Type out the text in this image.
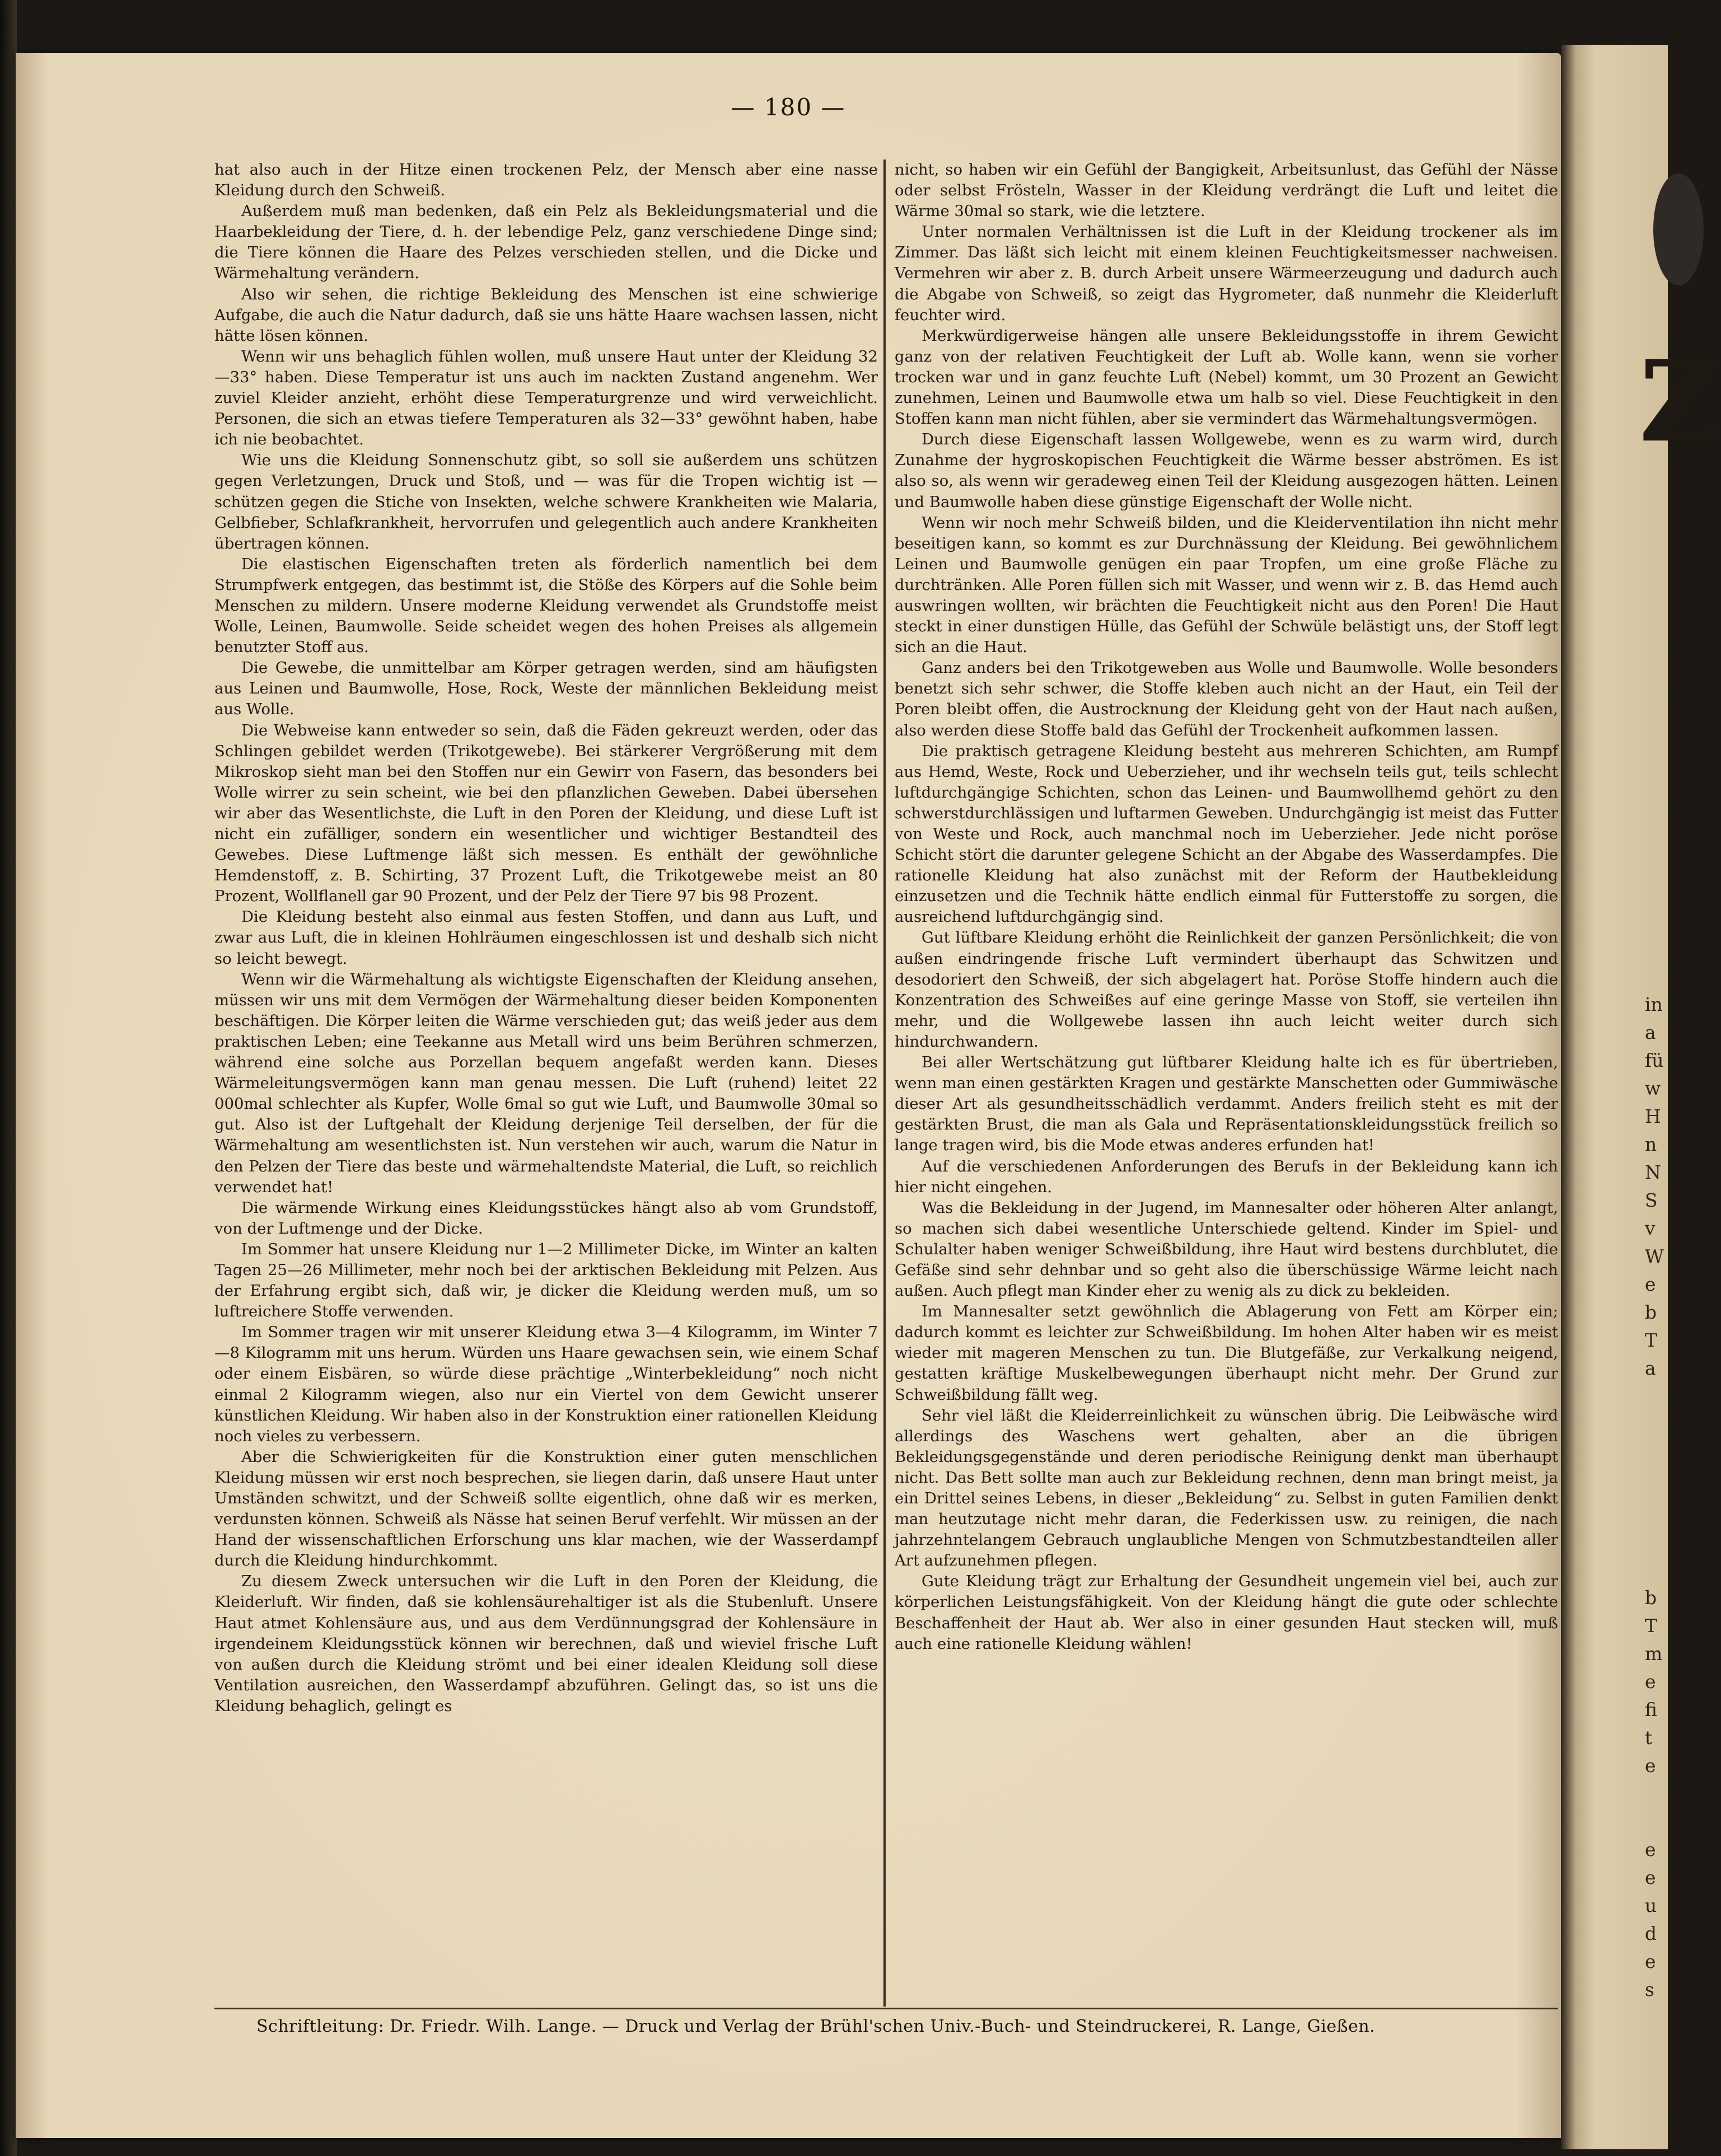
— 180 —

hat also auch in der Hitze einen trockenen Pelz, der Mensch aber eine nasse Kleidung durch den Schweiß.

Außerdem muß man bedenken, daß ein Pelz als Bekleidungsmaterial und die Haarbekleidung der Tiere, d. h. der lebendige Pelz, ganz verschiedene Dinge sind; die Tiere können die Haare des Pelzes verschieden stellen, und die Dicke und Wärmehaltung verändern.

Also wir sehen, die richtige Bekleidung des Menschen ist eine schwierige Aufgabe, die auch die Natur dadurch, daß sie uns hätte Haare wachsen lassen, nicht hätte lösen können.

Wenn wir uns behaglich fühlen wollen, muß unsere Haut unter der Kleidung 32—33° haben. Diese Temperatur ist uns auch im nackten Zustand angenehm. Wer zuviel Kleider anzieht, erhöht diese Temperaturgrenze und wird verweichlicht. Personen, die sich an etwas tiefere Temperaturen als 32—33° gewöhnt haben, habe ich nie beobachtet.

Wie uns die Kleidung Sonnenschutz gibt, so soll sie außerdem uns schützen gegen Verletzungen, Druck und Stoß, und — was für die Tropen wichtig ist — schützen gegen die Stiche von Insekten, welche schwere Krankheiten wie Malaria, Gelbfieber, Schlafkrankheit, hervorrufen und gelegentlich auch andere Krankheiten übertragen können.

Die elastischen Eigenschaften treten als förderlich namentlich bei dem Strumpfwerk entgegen, das bestimmt ist, die Stöße des Körpers auf die Sohle beim Menschen zu mildern. Unsere moderne Kleidung verwendet als Grundstoffe meist Wolle, Leinen, Baumwolle. Seide scheidet wegen des hohen Preises als allgemein benutzter Stoff aus.

Die Gewebe, die unmittelbar am Körper getragen werden, sind am häufigsten aus Leinen und Baumwolle, Hose, Rock, Weste der männlichen Bekleidung meist aus Wolle.

Die Webweise kann entweder so sein, daß die Fäden gekreuzt werden, oder das Schlingen gebildet werden (Trikotgewebe). Bei stärkerer Vergrößerung mit dem Mikroskop sieht man bei den Stoffen nur ein Gewirr von Fasern, das besonders bei Wolle wirrer zu sein scheint, wie bei den pflanzlichen Geweben. Dabei übersehen wir aber das Wesentlichste, die Luft in den Poren der Kleidung, und diese Luft ist nicht ein zufälliger, sondern ein wesentlicher und wichtiger Bestandteil des Gewebes. Diese Luftmenge läßt sich messen. Es enthält der gewöhnliche Hemdenstoff, z. B. Schirting, 37 Prozent Luft, die Trikotgewebe meist an 80 Prozent, Wollflanell gar 90 Prozent, und der Pelz der Tiere 97 bis 98 Prozent.

Die Kleidung besteht also einmal aus festen Stoffen, und dann aus Luft, und zwar aus Luft, die in kleinen Hohlräumen eingeschlossen ist und deshalb sich nicht so leicht bewegt.

Wenn wir die Wärmehaltung als wichtigste Eigenschaften der Kleidung ansehen, müssen wir uns mit dem Vermögen der Wärmehaltung dieser beiden Komponenten beschäftigen. Die Körper leiten die Wärme verschieden gut; das weiß jeder aus dem praktischen Leben; eine Teekanne aus Metall wird uns beim Berühren schmerzen, während eine solche aus Porzellan bequem angefaßt werden kann. Dieses Wärmeleitungsvermögen kann man genau messen. Die Luft (ruhend) leitet 22 000mal schlechter als Kupfer, Wolle 6mal so gut wie Luft, und Baumwolle 30mal so gut. Also ist der Luftgehalt der Kleidung derjenige Teil derselben, der für die Wärmehaltung am wesentlichsten ist. Nun verstehen wir auch, warum die Natur in den Pelzen der Tiere das beste und wärmehaltendste Material, die Luft, so reichlich verwendet hat!

Die wärmende Wirkung eines Kleidungsstückes hängt also ab vom Grundstoff, von der Luftmenge und der Dicke.

Im Sommer hat unsere Kleidung nur 1—2 Millimeter Dicke, im Winter an kalten Tagen 25—26 Millimeter, mehr noch bei der arktischen Bekleidung mit Pelzen. Aus der Erfahrung ergibt sich, daß wir, je dicker die Kleidung werden muß, um so luftreichere Stoffe verwenden.

Im Sommer tragen wir mit unserer Kleidung etwa 3—4 Kilogramm, im Winter 7—8 Kilogramm mit uns herum. Würden uns Haare gewachsen sein, wie einem Schaf oder einem Eisbären, so würde diese prächtige „Winterbekleidung“ noch nicht einmal 2 Kilogramm wiegen, also nur ein Viertel von dem Gewicht unserer künstlichen Kleidung. Wir haben also in der Konstruktion einer rationellen Kleidung noch vieles zu verbessern.

Aber die Schwierigkeiten für die Konstruktion einer guten menschlichen Kleidung müssen wir erst noch besprechen, sie liegen darin, daß unsere Haut unter Umständen schwitzt, und der Schweiß sollte eigentlich, ohne daß wir es merken, verdunsten können. Schweiß als Nässe hat seinen Beruf verfehlt. Wir müssen an der Hand der wissenschaftlichen Erforschung uns klar machen, wie der Wasserdampf durch die Kleidung hindurchkommt.

Zu diesem Zweck untersuchen wir die Luft in den Poren der Kleidung, die Kleiderluft. Wir finden, daß sie kohlensäurehaltiger ist als die Stubenluft. Unsere Haut atmet Kohlensäure aus, und aus dem Verdünnungsgrad der Kohlensäure in irgendeinem Kleidungsstück können wir berechnen, daß und wieviel frische Luft von außen durch die Kleidung strömt und bei einer idealen Kleidung soll diese Ventilation ausreichen, den Wasserdampf abzuführen. Gelingt das, so ist uns die Kleidung behaglich, gelingt es

nicht, so haben wir ein Gefühl der Bangigkeit, Arbeitsunlust, das Gefühl der Nässe oder selbst Frösteln, Wasser in der Kleidung verdrängt die Luft und leitet die Wärme 30mal so stark, wie die letztere.

Unter normalen Verhältnissen ist die Luft in der Kleidung trockener als im Zimmer. Das läßt sich leicht mit einem kleinen Feuchtigkeitsmesser nachweisen. Vermehren wir aber z. B. durch Arbeit unsere Wärmeerzeugung und dadurch auch die Abgabe von Schweiß, so zeigt das Hygrometer, daß nunmehr die Kleiderluft feuchter wird.

Merkwürdigerweise hängen alle unsere Bekleidungsstoffe in ihrem Gewicht ganz von der relativen Feuchtigkeit der Luft ab. Wolle kann, wenn sie vorher trocken war und in ganz feuchte Luft (Nebel) kommt, um 30 Prozent an Gewicht zunehmen, Leinen und Baumwolle etwa um halb so viel. Diese Feuchtigkeit in den Stoffen kann man nicht fühlen, aber sie vermindert das Wärmehaltungsvermögen.

Durch diese Eigenschaft lassen Wollgewebe, wenn es zu warm wird, durch Zunahme der hygroskopischen Feuchtigkeit die Wärme besser abströmen. Es ist also so, als wenn wir geradeweg einen Teil der Kleidung ausgezogen hätten. Leinen und Baumwolle haben diese günstige Eigenschaft der Wolle nicht.

Wenn wir noch mehr Schweiß bilden, und die Kleiderventilation ihn nicht mehr beseitigen kann, so kommt es zur Durchnässung der Kleidung. Bei gewöhnlichem Leinen und Baumwolle genügen ein paar Tropfen, um eine große Fläche zu durchtränken. Alle Poren füllen sich mit Wasser, und wenn wir z. B. das Hemd auch auswringen wollten, wir brächten die Feuchtigkeit nicht aus den Poren! Die Haut steckt in einer dunstigen Hülle, das Gefühl der Schwüle belästigt uns, der Stoff legt sich an die Haut.

Ganz anders bei den Trikotgeweben aus Wolle und Baumwolle. Wolle besonders benetzt sich sehr schwer, die Stoffe kleben auch nicht an der Haut, ein Teil der Poren bleibt offen, die Austrocknung der Kleidung geht von der Haut nach außen, also werden diese Stoffe bald das Gefühl der Trockenheit aufkommen lassen.

Die praktisch getragene Kleidung besteht aus mehreren Schichten, am Rumpf aus Hemd, Weste, Rock und Ueberzieher, und ihr wechseln teils gut, teils schlecht luftdurchgängige Schichten, schon das Leinen- und Baumwollhemd gehört zu den schwerstdurchlässigen und luftarmen Geweben. Undurchgängig ist meist das Futter von Weste und Rock, auch manchmal noch im Ueberzieher. Jede nicht poröse Schicht stört die darunter gelegene Schicht an der Abgabe des Wasserdampfes. Die rationelle Kleidung hat also zunächst mit der Reform der Hautbekleidung einzusetzen und die Technik hätte endlich einmal für Futterstoffe zu sorgen, die ausreichend luftdurchgängig sind.

Gut lüftbare Kleidung erhöht die Reinlichkeit der ganzen Persönlichkeit; die von außen eindringende frische Luft vermindert überhaupt das Schwitzen und desodoriert den Schweiß, der sich abgelagert hat. Poröse Stoffe hindern auch die Konzentration des Schweißes auf eine geringe Masse von Stoff, sie verteilen ihn mehr, und die Wollgewebe lassen ihn auch leicht weiter durch sich hindurchwandern.

Bei aller Wertschätzung gut lüftbarer Kleidung halte ich es für übertrieben, wenn man einen gestärkten Kragen und gestärkte Manschetten oder Gummiwäsche dieser Art als gesundheitsschädlich verdammt. Anders freilich steht es mit der gestärkten Brust, die man als Gala und Repräsentationskleidungsstück freilich so lange tragen wird, bis die Mode etwas anderes erfunden hat!

Auf die verschiedenen Anforderungen des Berufs in der Bekleidung kann ich hier nicht eingehen.

Was die Bekleidung in der Jugend, im Mannesalter oder höheren Alter anlangt, so machen sich dabei wesentliche Unterschiede geltend. Kinder im Spiel- und Schulalter haben weniger Schweißbildung, ihre Haut wird bestens durchblutet, die Gefäße sind sehr dehnbar und so geht also die überschüssige Wärme leicht nach außen. Auch pflegt man Kinder eher zu wenig als zu dick zu bekleiden.

Im Mannesalter setzt gewöhnlich die Ablagerung von Fett am Körper ein; dadurch kommt es leichter zur Schweißbildung. Im hohen Alter haben wir es meist wieder mit mageren Menschen zu tun. Die Blutgefäße, zur Verkalkung neigend, gestatten kräftige Muskelbewegungen überhaupt nicht mehr. Der Grund zur Schweißbildung fällt weg.

Sehr viel läßt die Kleiderreinlichkeit zu wünschen übrig. Die Leibwäsche wird allerdings des Waschens wert gehalten, aber an die übrigen Bekleidungsgegenstände und deren periodische Reinigung denkt man überhaupt nicht. Das Bett sollte man auch zur Bekleidung rechnen, denn man bringt meist, ja ein Drittel seines Lebens, in dieser „Bekleidung“ zu. Selbst in guten Familien denkt man heutzutage nicht mehr daran, die Federkissen usw. zu reinigen, die nach jahrzehntelangem Gebrauch unglaubliche Mengen von Schmutzbestandteilen aller Art aufzunehmen pflegen.

Gute Kleidung trägt zur Erhaltung der Gesundheit ungemein viel bei, auch zur körperlichen Leistungsfähigkeit. Von der Kleidung hängt die gute oder schlechte Beschaffenheit der Haut ab. Wer also in einer gesunden Haut stecken will, muß auch eine rationelle Kleidung wählen!

Schriftleitung: Dr. Friedr. Wilh. Lange. — Druck und Verlag der Brühl'schen Univ.-Buch- und Steindruckerei, R. Lange, Gießen.
Z
in
a
fü
w
H
n
N
S
v
W
e
b
T
a
b
T
m
e
fi
t
e
e
e
u
d
e
s
